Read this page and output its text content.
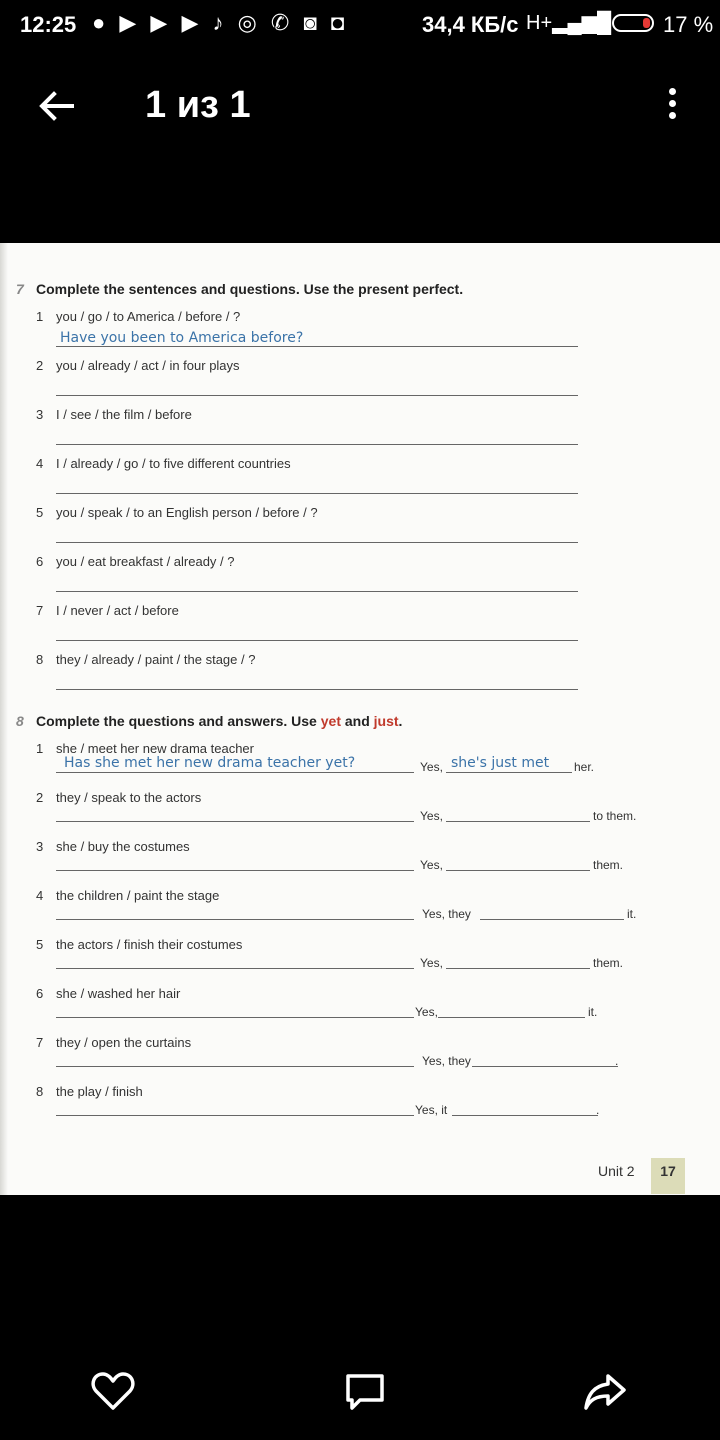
12:25 ● ▶ ▶ ▶ ♪ ◎ ✆ ◙ ◘	34,4 КБ/с H+▂▄▆█ 17 %
1 из 1
7 Complete the sentences and questions. Use the present perfect.
1 you / go / to America / before / ?
Have you been to America before?
2 you / already / act / in four plays
3 I / see / the film / before
4 I / already / go / to five different countries
5 you / speak / to an English person / before / ?
6 you / eat breakfast / already / ?
7 I / never / act / before
8 they / already / paint / the stage / ?
8 Complete the questions and answers. Use yet and just.
1 she / meet her new drama teacher
Has she met her new drama teacher yet?	Yes, she's just met her.
2 they / speak to the actors
Yes,	to them.
3 she / buy the costumes
Yes,	them.
4 the children / paint the stage
Yes, they	it.
5 the actors / finish their costumes
Yes,	them.
6 she / washed her hair
Yes,	it.
7 they / open the curtains
Yes, they	.
8 the play / finish
Yes, it	.
Unit 2	17
